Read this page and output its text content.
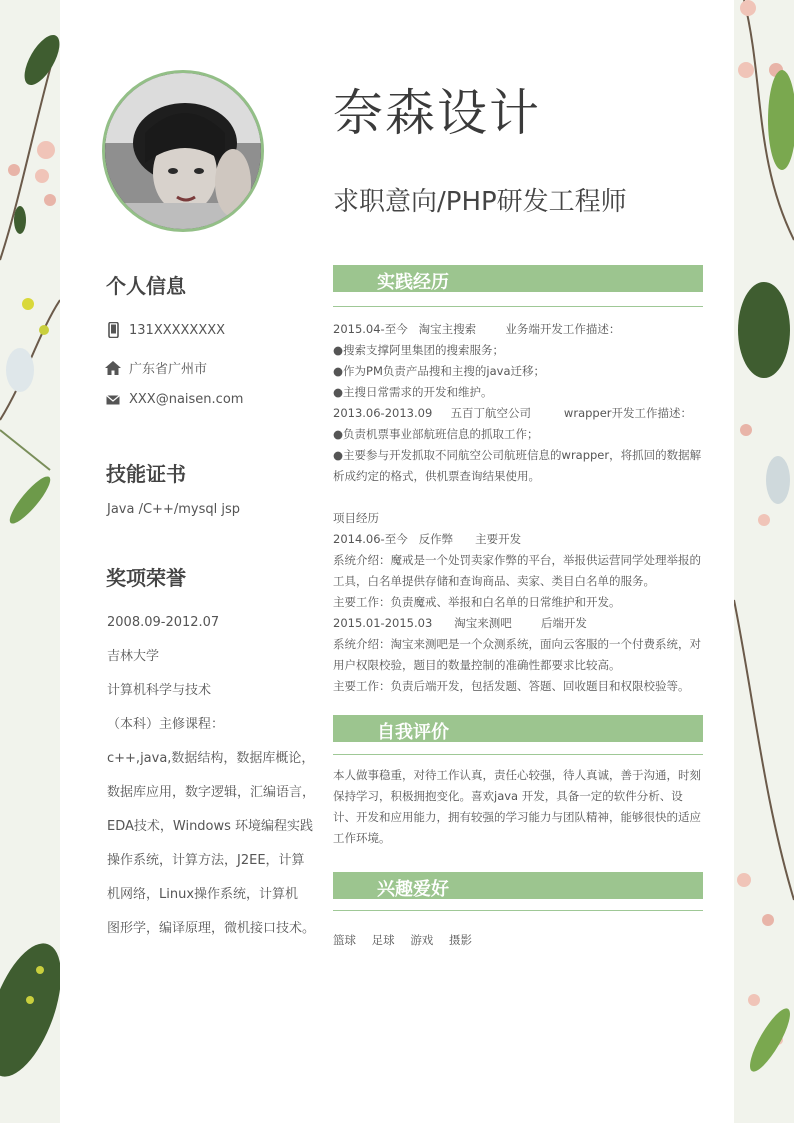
奈森设计
求职意向/PHP研发工程师
个人信息
131XXXXXXXX
广东省广州市
XXX@naisen.com
技能证书
Java /C++/mysql jsp
奖项荣誉
2008.09-2012.07
吉林大学
计算机科学与技术
（本科）主修课程：
c++,java,数据结构，数据库概论，
数据库应用，数字逻辑，汇编语言，
EDA技术，Windows 环境编程实践
操作系统，计算方法，J2EE，计算
机网络，Linux操作系统，计算机
图形学，编译原理，微机接口技术。
实践经历
2015.04-至今   淘宝主搜索        业务端开发工作描述：
●搜索支撑阿里集团的搜索服务；
●作为PM负责产品搜和主搜的java迁移；
●主搜日常需求的开发和维护。
2013.06-2013.09     五百丁航空公司         wrapper开发工作描述：
●负责机票事业部航班信息的抓取工作；
●主要参与开发抓取不同航空公司航班信息的wrapper，将抓回的数据解析成约定的格式，供机票查询结果使用。
项目经历
2014.06-至今   反作弊      主要开发
系统介绍：魔戒是一个处罚卖家作弊的平台，举报供运营同学处理举报的工具，白名单提供存储和查询商品、卖家、类目白名单的服务。
主要工作：负责魔戒、举报和白名单的日常维护和开发。
2015.01-2015.03      淘宝来测吧        后端开发
系统介绍：淘宝来测吧是一个众测系统，面向云客服的一个付费系统，对用户权限校验，题目的数量控制的准确性都要求比较高。
主要工作：负责后端开发，包括发题、答题、回收题目和权限校验等。
自我评价

本人做事稳重，对待工作认真，责任心较强，待人真诚，善于沟通，时刻保持学习，积极拥抱变化。喜欢java 开发，具备一定的软件分析、设计、开发和应用能力，拥有较强的学习能力与团队精神，能够很快的适应工作环境。

兴趣爱好
篮球 足球 游戏 摄影
